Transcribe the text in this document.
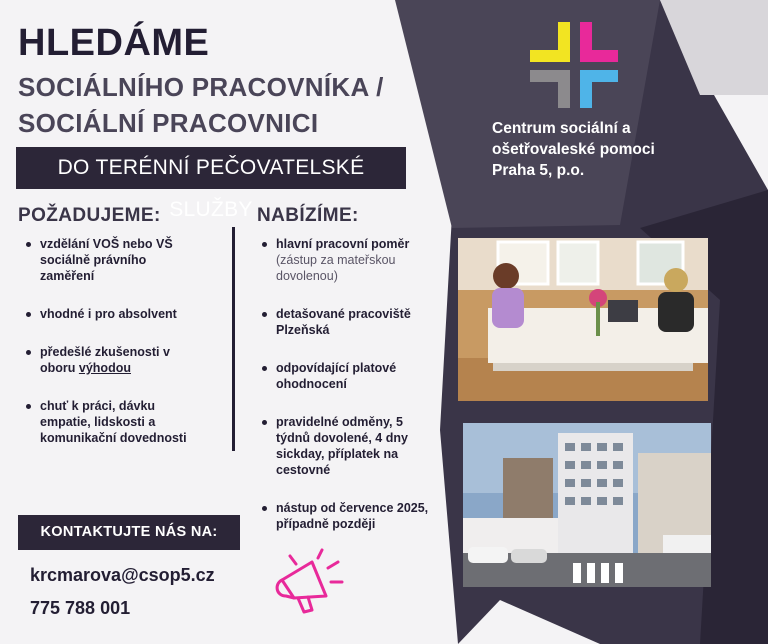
Centrum sociální a
ošetřovaleské pomoci
Praha 5, p.o.
HLEDÁME
SOCIÁLNÍHO PRACOVNÍKA /
SOCIÁLNÍ PRACOVNICI
DO TERÉNNÍ PEČOVATELSKÉ SLUŽBY
POŽADUJEME:
vzdělání VOŠ nebo VŠ
sociálně právního
zaměření
vhodné i pro absolvent
předešlé zkušenosti v
oboru výhodou
chuť k práci, dávku
empatie, lidskosti a
komunikační dovednosti
NABÍZÍME:
hlavní pracovní poměr
(zástup za mateřskou
dovolenou)
detašované pracoviště
Plzeňská
odpovídající platové
ohodnocení
pravidelné odměny, 5
týdnů dovolené, 4 dny
sickday, příplatek na
cestovné
nástup od července 2025,
případně později
KONTAKTUJTE NÁS NA:
krcmarova@csop5.cz
775 788 001
